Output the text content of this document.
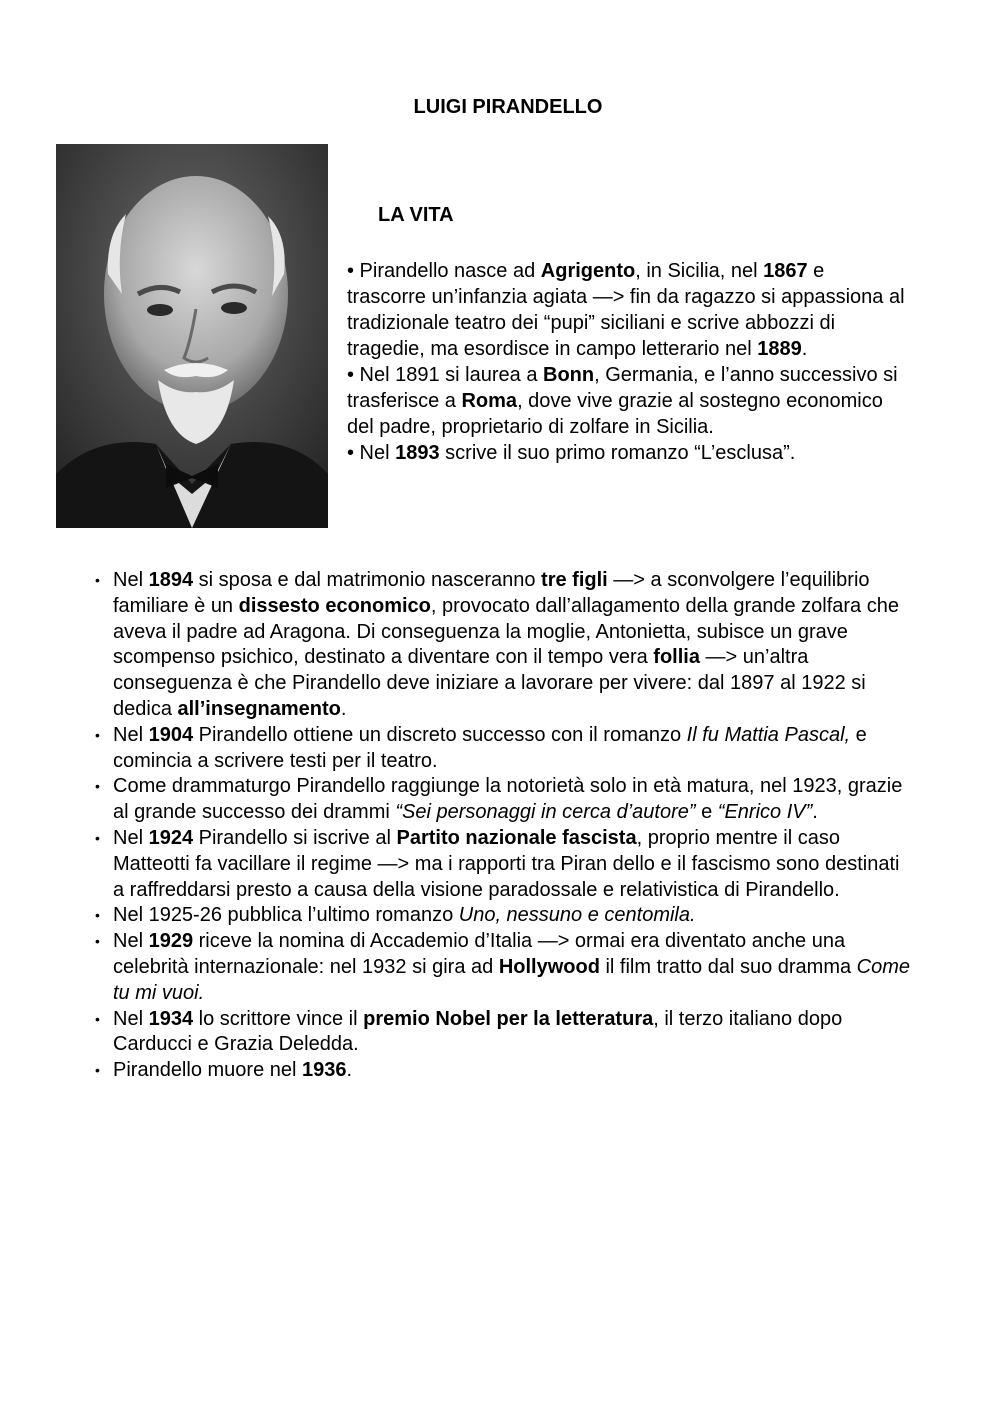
LUIGI PIRANDELLO
LA VITA

• Pirandello nasce ad Agrigento, in Sicilia, nel 1867 e trascorre un’infanzia agiata —> fin da ragazzo si appassiona al tradizionale teatro dei “pupi” siciliani e scrive abbozzi di tragedie, ma esordisce in campo letterario nel 1889.

• Nel 1891 si laurea a Bonn, Germania, e l’anno successivo si trasferisce a Roma, dove vive grazie al sostegno economico del padre, proprietario di zolfare in Sicilia.

• Nel 1893 scrive il suo primo romanzo “L’esclusa”.

• Nel 1894 si sposa e dal matrimonio nasceranno tre figli —> a sconvolgere l’equilibrio familiare è un dissesto economico, provocato dall’allagamento della grande zolfara che aveva il padre ad Aragona. Di conseguenza la moglie, Antonietta, subisce un grave scompenso psichico, destinato a diventare con il tempo vera follia —> un’altra conseguenza è che Pirandello deve iniziare a lavorare per vivere: dal 1897 al 1922 si dedica all’insegnamento.
• Nel 1904 Pirandello ottiene un discreto successo con il romanzo Il fu Mattia Pascal, e comincia a scrivere testi per il teatro.
• Come drammaturgo Pirandello raggiunge la notorietà solo in età matura, nel 1923, grazie al grande successo dei drammi “Sei personaggi in cerca d’autore” e “Enrico IV”.
• Nel 1924 Pirandello si iscrive al Partito nazionale fascista, proprio mentre il caso Matteotti fa vacillare il regime —> ma i rapporti tra Piran dello e il fascismo sono destinati a raffreddarsi presto a causa della visione paradossale e relativistica di Pirandello.
• Nel 1925-26 pubblica l’ultimo romanzo Uno, nessuno e centomila.
• Nel 1929 riceve la nomina di Accademio d’Italia —> ormai era diventato anche una celebrità internazionale: nel 1932 si gira ad Hollywood il film tratto dal suo dramma Come tu mi vuoi.
• Nel 1934 lo scrittore vince il premio Nobel per la letteratura, il terzo italiano dopo Carducci e Grazia Deledda.
• Pirandello muore nel 1936.
